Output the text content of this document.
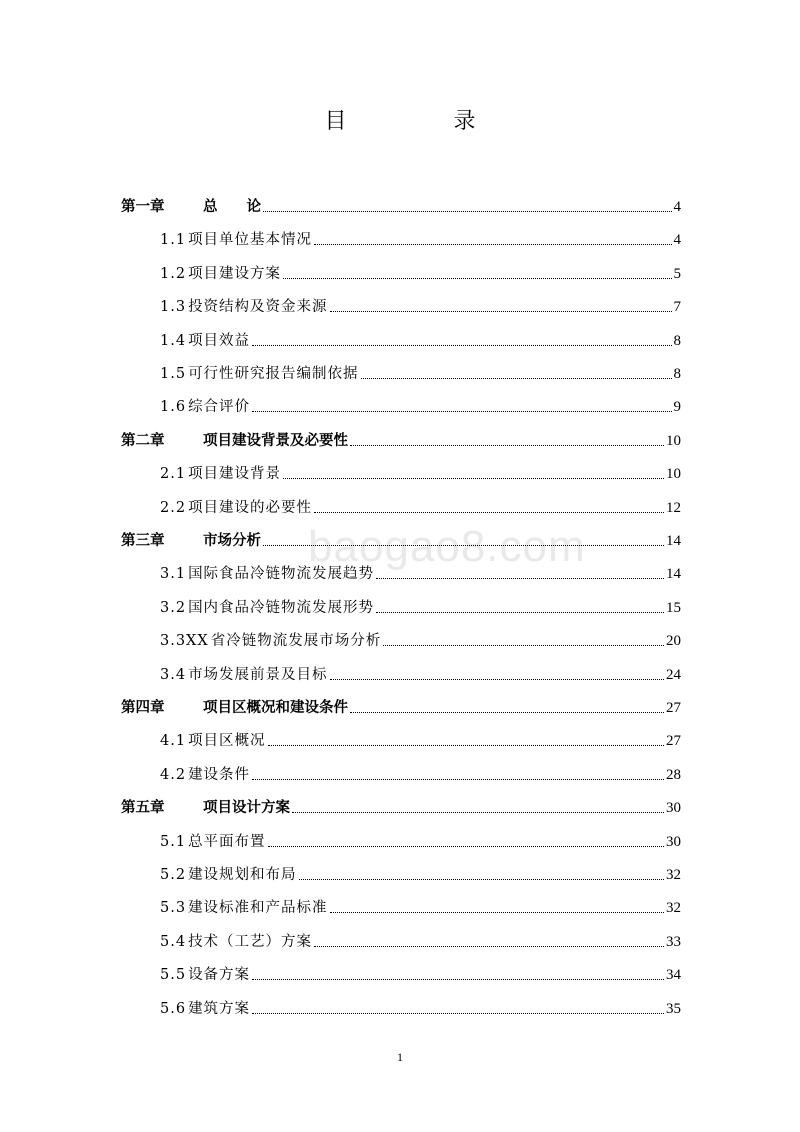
目 录
baogao8.com
第一章	总　　论	4
1.1 项目单位基本情况	4
1.2 项目建设方案	5
1.3 投资结构及资金来源	7
1.4 项目效益	8
1.5 可行性研究报告编制依据	8
1.6 综合评价	9
第二章	项目建设背景及必要性	10
2.1 项目建设背景	10
2.2 项目建设的必要性	12
第三章	市场分析	14
3.1 国际食品冷链物流发展趋势	14
3.2 国内食品冷链物流发展形势	15
3.3XX 省冷链物流发展市场分析	20
3.4 市场发展前景及目标	24
第四章	项目区概况和建设条件	27
4.1 项目区概况	27
4.2 建设条件	28
第五章	项目设计方案	30
5.1 总平面布置	30
5.2 建设规划和布局	32
5.3 建设标准和产品标准	32
5.4 技术（工艺）方案	33
5.5 设备方案	34
5.6 建筑方案	35
1
